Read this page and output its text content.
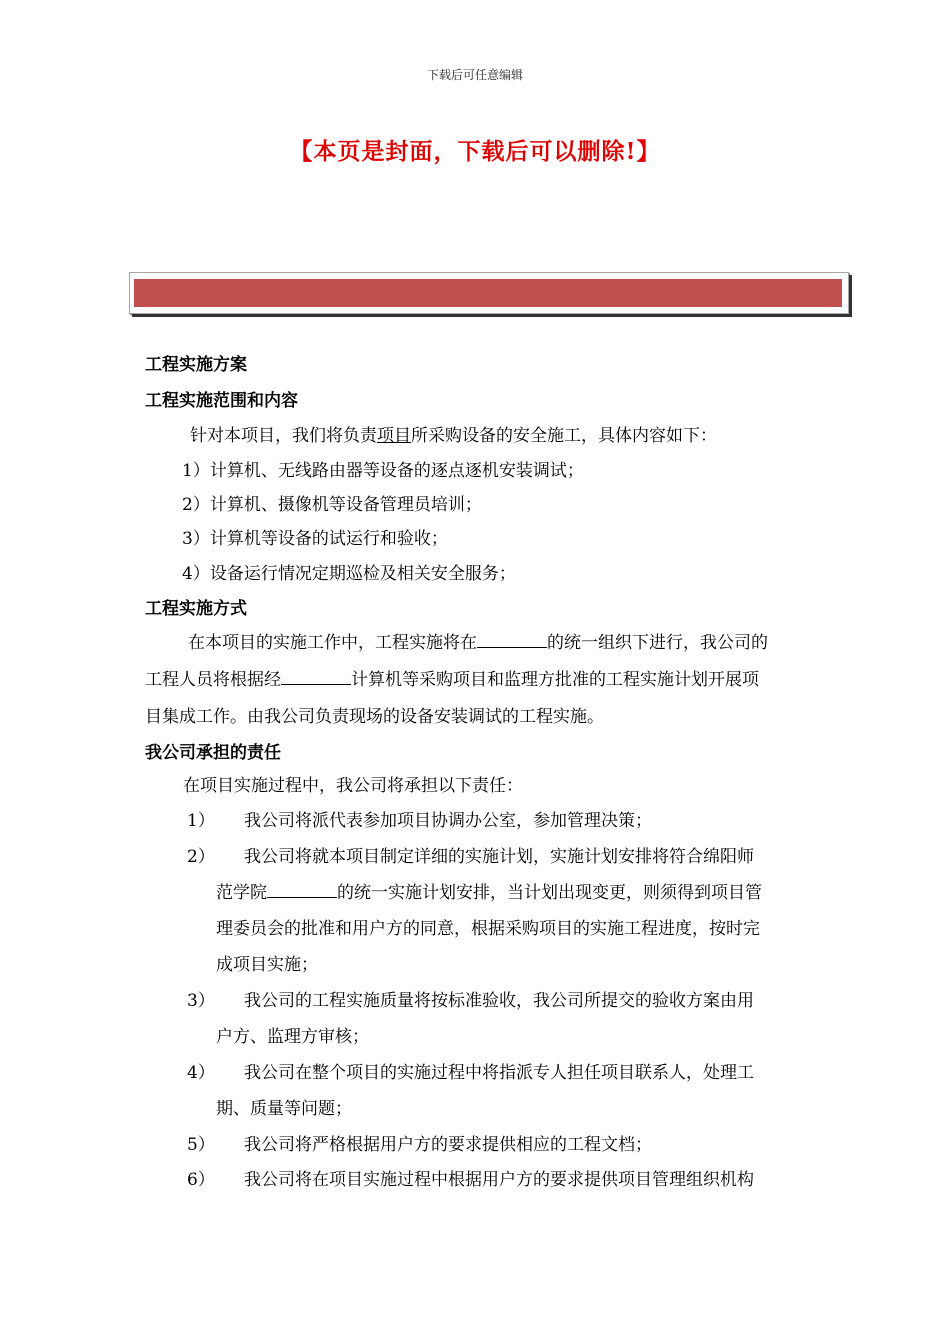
下载后可任意编辑
【本页是封面，下载后可以删除!】
工程实施方案
工程实施范围和内容
针对本项目，我们将负责项目所采购设备的安全施工，具体内容如下：
1）计算机、无线路由器等设备的逐点逐机安装调试；
2）计算机、摄像机等设备管理员培训；
3）计算机等设备的试运行和验收；
4）设备运行情况定期巡检及相关安全服务；
工程实施方式
在本项目的实施工作中，工程实施将在	的统一组织下进行，我公司的
工程人员将根据经	计算机等采购项目和监理方批准的工程实施计划开展项
目集成工作。由我公司负责现场的设备安装调试的工程实施。
我公司承担的责任
在项目实施过程中，我公司将承担以下责任：
1） 我公司将派代表参加项目协调办公室，参加管理决策；
2） 我公司将就本项目制定详细的实施计划，实施计划安排将符合绵阳师
范学院	的统一实施计划安排，当计划出现变更，则须得到项目管
理委员会的批准和用户方的同意，根据采购项目的实施工程进度，按时完
成项目实施；
3） 我公司的工程实施质量将按标准验收，我公司所提交的验收方案由用
户方、监理方审核；
4） 我公司在整个项目的实施过程中将指派专人担任项目联系人，处理工
期、质量等问题；
5） 我公司将严格根据用户方的要求提供相应的工程文档；
6） 我公司将在项目实施过程中根据用户方的要求提供项目管理组织机构
